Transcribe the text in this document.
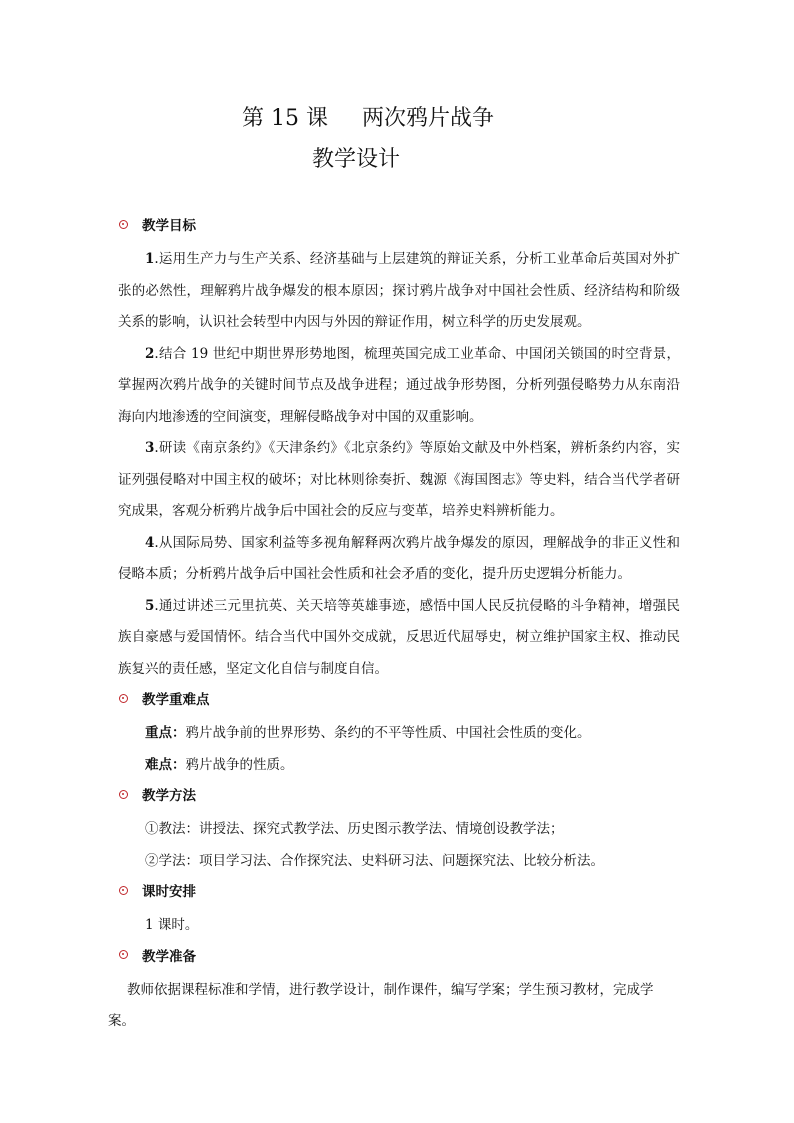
第 15 课 两次鸦片战争
教学设计
教学目标

1.运用生产力与生产关系、经济基础与上层建筑的辩证关系，分析工业革命后英国对外扩张的必然性，理解鸦片战争爆发的根本原因；探讨鸦片战争对中国社会性质、经济结构和阶级关系的影响，认识社会转型中内因与外因的辩证作用，树立科学的历史发展观。

2.结合 19 世纪中期世界形势地图，梳理英国完成工业革命、中国闭关锁国的时空背景，掌握两次鸦片战争的关键时间节点及战争进程；通过战争形势图，分析列强侵略势力从东南沿海向内地渗透的空间演变，理解侵略战争对中国的双重影响。

3.研读《南京条约》《天津条约》《北京条约》等原始文献及中外档案，辨析条约内容，实证列强侵略对中国主权的破坏；对比林则徐奏折、魏源《海国图志》等史料，结合当代学者研究成果，客观分析鸦片战争后中国社会的反应与变革，培养史料辨析能力。

4.从国际局势、国家利益等多视角解释两次鸦片战争爆发的原因，理解战争的非正义性和侵略本质；分析鸦片战争后中国社会性质和社会矛盾的变化，提升历史逻辑分析能力。

5.通过讲述三元里抗英、关天培等英雄事迹，感悟中国人民反抗侵略的斗争精神，增强民族自豪感与爱国情怀。结合当代中国外交成就，反思近代屈辱史，树立维护国家主权、推动民族复兴的责任感，坚定文化自信与制度自信。

教学重难点

重点：鸦片战争前的世界形势、条约的不平等性质、中国社会性质的变化。

难点：鸦片战争的性质。

教学方法

①教法：讲授法、探究式教学法、历史图示教学法、情境创设教学法；

②学法：项目学习法、合作探究法、史料研习法、问题探究法、比较分析法。

课时安排

1 课时。

教学准备

教师依据课程标准和学情，进行教学设计，制作课件，编写学案；学生预习教材，完成学案。
